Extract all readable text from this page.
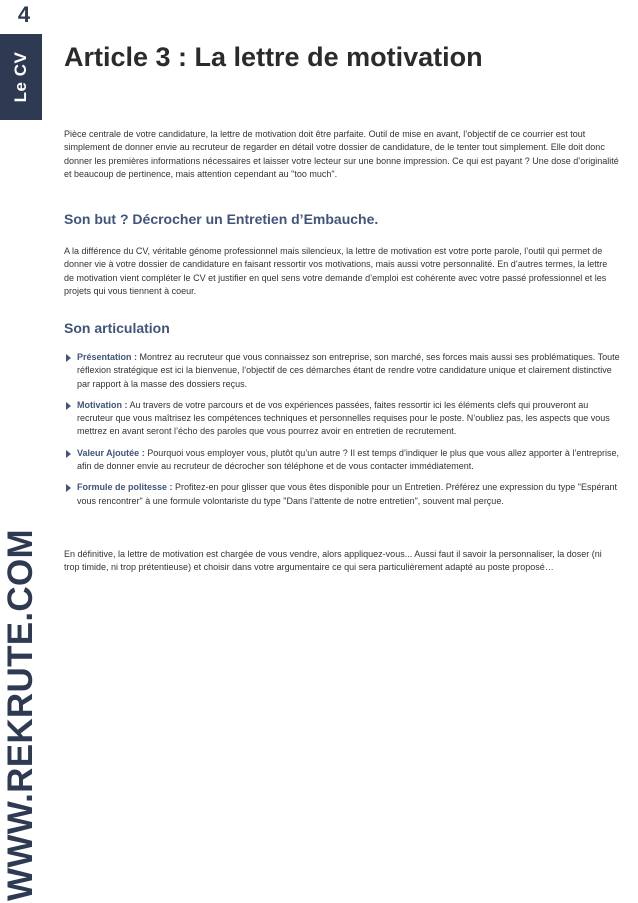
4
Le CV
WWW.REKRUTE.COM
Article 3 : La lettre de motivation

Pièce centrale de votre candidature, la lettre de motivation doit être parfaite. Outil de mise en avant, l’objectif de ce courrier est tout simplement de donner envie au recruteur de regarder en détail votre dossier de candidature, de le tenter tout simplement. Elle doit donc donner les premières informations nécessaires et laisser votre lecteur sur une bonne impression. Ce qui est payant ? Une dose d’originalité et beaucoup de pertinence, mais attention cependant au "too much".

Son but ? Décrocher un Entretien d’Embauche.

A la différence du CV, véritable génome professionnel mais silencieux, la lettre de motivation est votre porte parole, l’outil qui permet de donner vie à votre dossier de candidature en faisant ressortir vos motivations, mais aussi votre personnalité. En d’autres termes, la lettre de motivation vient compléter le CV et justifier en quel sens votre demande d’emploi est cohérente avec votre passé professionnel et les projets qui vous tiennent à coeur.

Son articulation
Présentation : Montrez au recruteur que vous connaissez son entreprise, son marché, ses forces mais aussi ses problématiques. Toute réflexion stratégique est ici la bienvenue, l’objectif de ces démarches étant de rendre votre candidature unique et clairement distinctive par rapport à la masse des dossiers reçus.
Motivation : Au travers de votre parcours et de vos expériences passées, faites ressortir ici les éléments clefs qui prouveront au recruteur que vous maîtrisez les compétences techniques et personnelles requises pour le poste. N’oubliez pas, les aspects que vous mettrez en avant seront l’écho des paroles que vous pourrez avoir en entretien de recrutement.
Valeur Ajoutée : Pourquoi vous employer vous, plutôt qu’un autre ? Il est temps d’indiquer le plus que vous allez apporter à l’entreprise, afin de donner envie au recruteur de décrocher son téléphone et de vous contacter immédiatement.
Formule de politesse : Profitez-en pour glisser que vous êtes disponible pour un Entretien. Préférez une expression du type "Espérant vous rencontrer" à une formule volontariste du type "Dans l’attente de notre entretien", souvent mal perçue.

En définitive, la lettre de motivation est chargée de vous vendre, alors appliquez-vous... Aussi faut il savoir la personnaliser, la doser (ni trop timide, ni trop prétentieuse) et choisir dans votre argumentaire ce qui sera particulièrement adapté au poste proposé…
